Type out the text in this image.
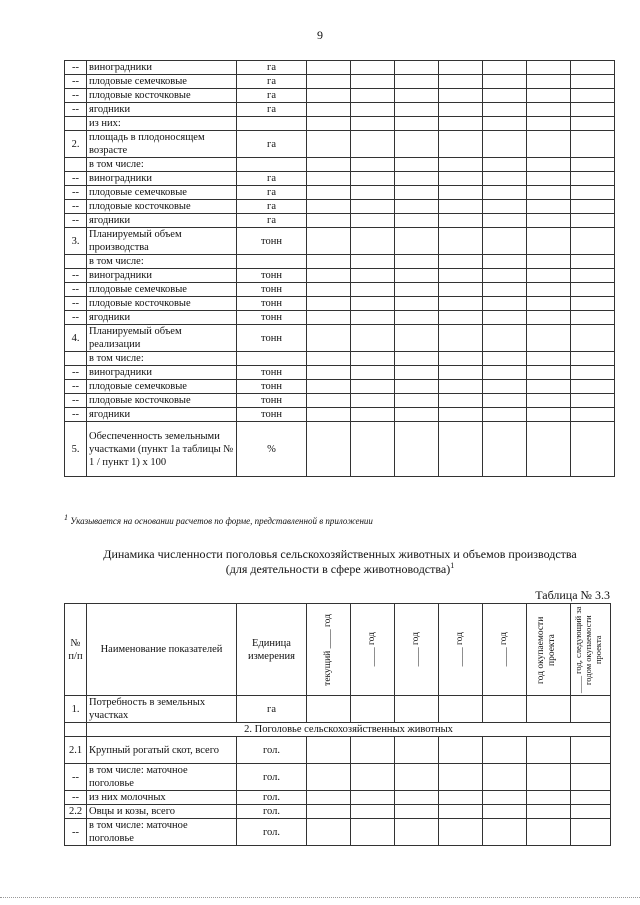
9
--	виноградники	га							
--	плодовые семечковые	га							
--	плодовые косточковые	га							
--	ягодники	га							
	из них:								
2.	площадь в плодоносящем возрасте	га							
	в том числе:								
--	виноградники	га							
--	плодовые семечковые	га							
--	плодовые косточковые	га							
--	ягодники	га							
3.	Планируемый объем производства	тонн							
	в том числе:								
--	виноградники	тонн							
--	плодовые семечковые	тонн							
--	плодовые косточковые	тонн							
--	ягодники	тонн							
4.	Планируемый объем реализации	тонн							
	в том числе:								
--	виноградники	тонн							
--	плодовые семечковые	тонн							
--	плодовые косточковые	тонн							
--	ягодники	тонн							
5.	Обеспеченность земельными участками (пункт 1а таблицы № 1 / пункт 1) х 100	%							
1 Указывается на основании расчетов по форме, представленной в приложении
Динамика численности поголовья сельскохозяйственных животных и объемов производства
(для деятельности в сфере животноводства)$^1$
Таблица № 3.3
№ п/п	Наименование показателей	Единица измерения	текущий ____ год	____ год	____ год	____ год	____ год	год окупаемости проекта	____ год, следующий за годом окупаемости проекта

1.	Потребность в земельных участках	га							
	2. Поголовье сельскохозяйственных животных								
2.1	Крупный рогатый скот, всего	гол.							
--	в том числе: маточное поголовье	гол.							
--	из них молочных	гол.							
2.2	Овцы и козы, всего	гол.							
--	в том числе: маточное поголовье	гол.							
